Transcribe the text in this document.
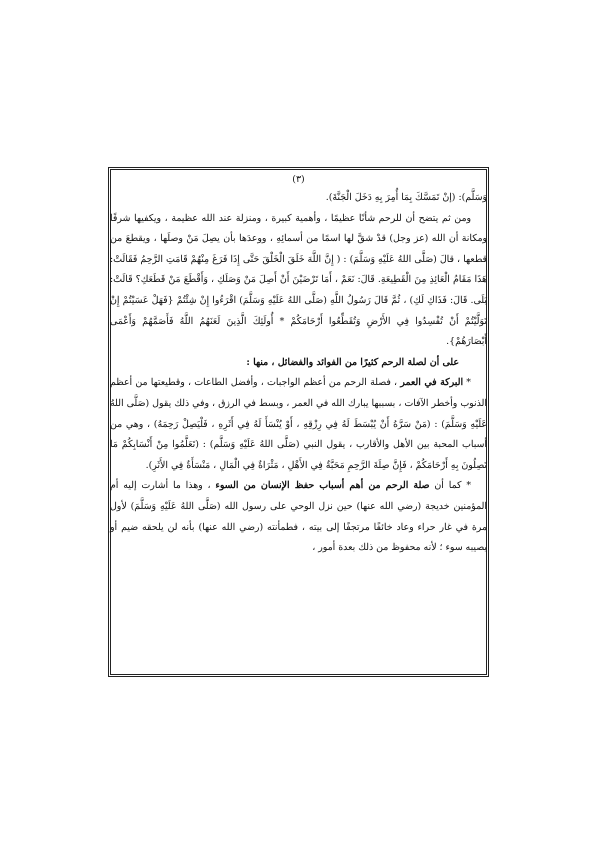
(٣)

وَسَلَّم): (إنْ تَمَسَّكَ بِمَا أُمِرَ بِهِ دَخَلَ الْجَنَّةَ).

ومن ثم يتضح أن للرحم شأنًا عظيمًا ، وأهمية كبيرة ، ومنزلة عند الله عظيمة ، ويكفيها شرفًا ومكانة أن الله (عز وجل) قدْ شقَّ لها اسمًا من أسمائِهِ ، ووعدَها بأن يصِلَ مَنْ وصلَها ، ويقطعَ من قطعها ، قالَ (صَلَّى اللهُ عَلَيْهِ وَسَلَّمَ) : ( إِنَّ اللَّهَ خَلَقَ الْخَلْقَ حَتَّى إِذَا فَرَغَ مِنْهُمْ قَامَتِ الرَّحِمُ فَقَالَتْ: هَذَا مَقَامُ الْعَائِذِ مِنَ الْقَطِيعَةِ. قَالَ: نَعَمْ ، أَمَا تَرْضَيْنَ أَنْ أَصِلَ مَنْ وَصَلَكِ ، وَأَقْطَعَ مَنْ قَطَعَكِ؟ قَالَتْ: بَلَى. قَالَ: فَذَاكِ لَكِ) ، ثُمَّ قَالَ رَسُولُ اللَّهِ (صَلَّى اللهُ عَلَيْهِ وَسَلَّمَ) اقْرَءُوا إِنْ شِئْتُمْ {فَهَلْ عَسَيْتُمْ إِنْ تَوَلَّيْتُمْ أَنْ تُفْسِدُوا فِي الأَرْضِ وَتُقَطِّعُوا أَرْحَامَكُمْ * أُولَئِكَ الَّذِينَ لَعَنَهُمُ اللَّهُ فَأَصَمَّهُمْ وَأَعْمَى أَبْصَارَهُمْ}.

على أن لصلة الرحم كثيرًا من الفوائد والفضائل ، منها :

* البركة في العمر ، فصلة الرحم من أعظم الواجبات ، وأفضل الطاعات ، وقطيعتها من أعظم الذنوب وأخطر الآفات ، بسببها يبارك الله في العمر ، وبسط في الرزق ، وفي ذلك يقول (صَلَّى اللهُ عَلَيْهِ وَسَلَّمَ) : (مَنْ سَرَّهُ أَنْ يُبْسَطَ لَهُ فِي رِزْقِهِ ، أَوْ يُنْسَأَ لَهُ فِي أَثَرِهِ ، فَلْيَصِلْ رَحِمَهُ) ، وهي من أسباب المحبة بين الأهل والأقارب ، يقول النبي (صَلَّى اللهُ عَلَيْهِ وَسَلَّم) : (تَعَلَّمُوا مِنْ أَنْسَابِكُمْ مَا تَصِلُونَ بِهِ أَرْحَامَكُمْ ، فَإِنَّ صِلَةَ الرَّحِمِ مَحَبَّةٌ فِي الأَهْلِ ، مَثْرَاةٌ فِي الْمَالِ ، مَنْسَأَةٌ فِي الأَثَرِ).

* كما أن صلة الرحم من أهم أسباب حفظ الإنسان من السوء ، وهذا ما أشارت إليه أم المؤمنين خديجة (رضي الله عنها) حين نزل الوحي على رسول الله (صَلَّى اللهُ عَلَيْهِ وَسَلَّمَ) لأول مرة في غار حراء وعاد خائفًا مرتجفًا إلى بيته ، فطمأنته (رضي الله عنها) بأنه لن يلحقه ضيم أو يصيبه سوء ؛ لأنه محفوظ من ذلك بعدة أمور ،
